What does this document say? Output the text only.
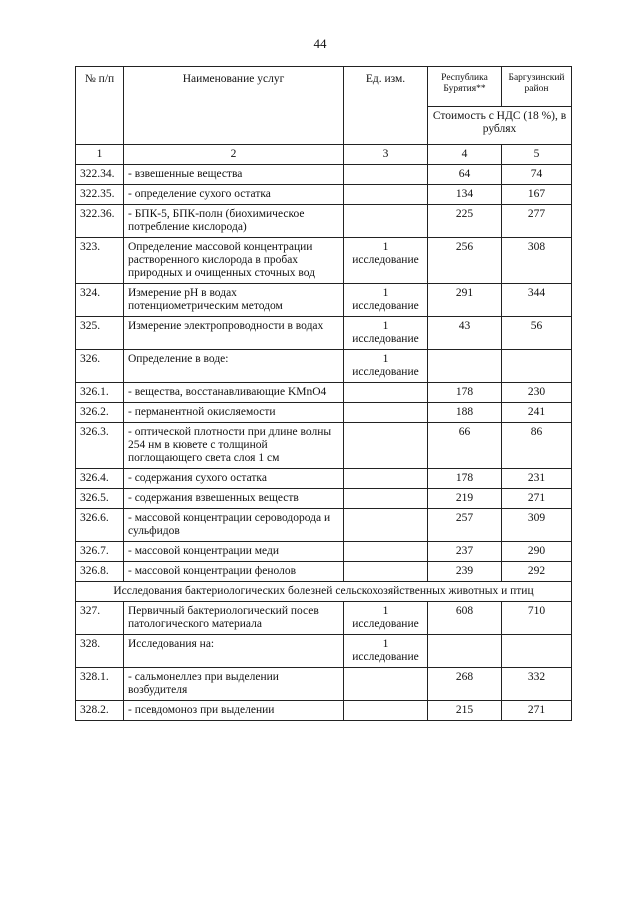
44
№ п/п	Наименование услуг	Ед. изм.	Республика Бурятия**	Баргузинский район
			Стоимость с НДС (18 %), в рублях	
1	2	3	4	5
322.34.	- взвешенные вещества		64	74
322.35.	- определение сухого остатка		134	167
322.36.	- БПК-5, БПК-полн (биохимическое потребление кислорода)		225	277
323.	Определение массовой концентрации растворенного кислорода в пробах природных и очищенных сточных вод	1 исследование	256	308
324.	Измерение pH в водах потенциометрическим методом	1 исследование	291	344
325.	Измерение электропроводности в водах	1 исследование	43	56
326.	Определение в воде:	1 исследование		
326.1.	- вещества, восстанавливающие KMnO4		178	230
326.2.	- перманентной окисляемости		188	241
326.3.	- оптической плотности при длине волны 254 нм в кювете с толщиной поглощающего света слоя 1 см		66	86
326.4.	- содержания сухого остатка		178	231
326.5.	- содержания взвешенных веществ		219	271
326.6.	- массовой концентрации сероводорода и сульфидов		257	309
326.7.	- массовой концентрации меди		237	290
326.8.	- массовой концентрации фенолов		239	292
Исследования бактериологических болезней сельскохозяйственных животных и птиц				
327.	Первичный бактериологический посев патологического материала	1 исследование	608	710
328.	Исследования на:	1 исследование		
328.1.	- сальмонеллез при выделении возбудителя		268	332
328.2.	- псевдомоноз при выделении		215	271
